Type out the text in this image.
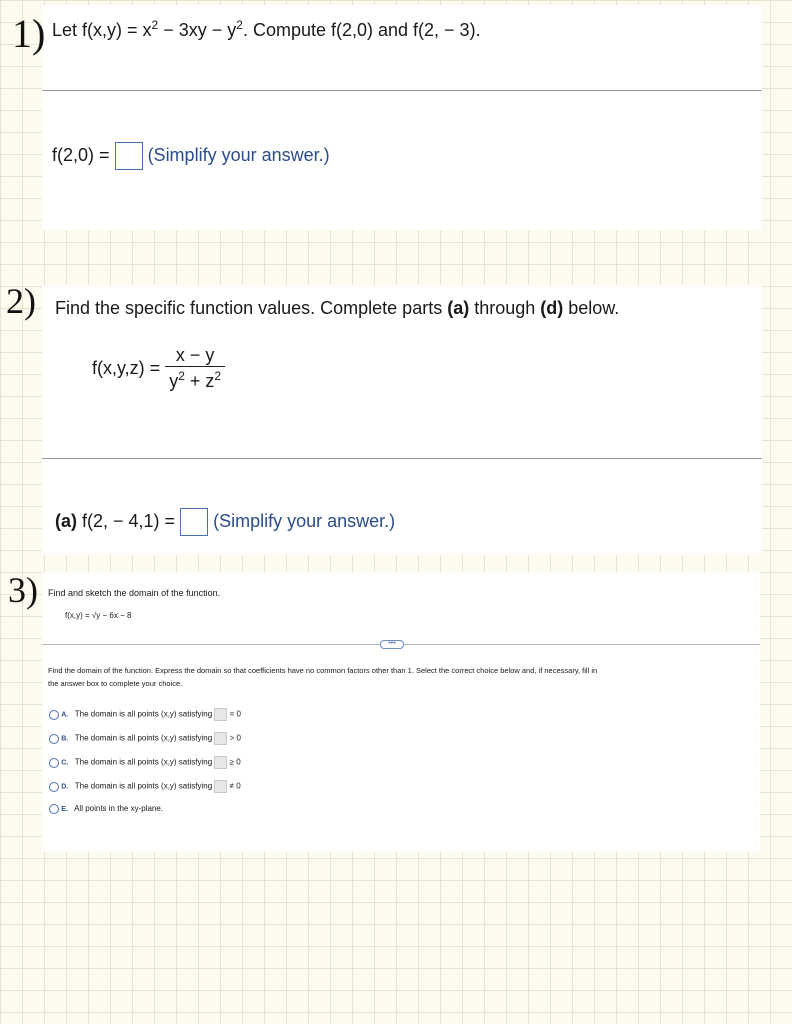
1) Let $f(x,y) = x^2 - 3xy - y^2$. Compute f(2,0) and f(2, − 3).
f(2,0) = (Simplify your answer.)
2) Find the specific function values. Complete parts (a) through (d) below.
$f(x,y,z) = \frac{x - y}{y^2 + z^2}$
(a) f(2, − 4,1) = (Simplify your answer.)
3) Find and sketch the domain of the function.
f(x,y) = √y − 6x − 8
•••
Find the domain of the function. Express the domain so that coefficients have no common factors other than 1. Select the correct choice below and, if necessary, fill in
the answer box to complete your choice.
A. The domain is all points (x,y) satisfying = 0
B. The domain is all points (x,y) satisfying > 0
C. The domain is all points (x,y) satisfying ≥ 0
D. The domain is all points (x,y) satisfying ≠ 0
E. All points in the xy-plane.
